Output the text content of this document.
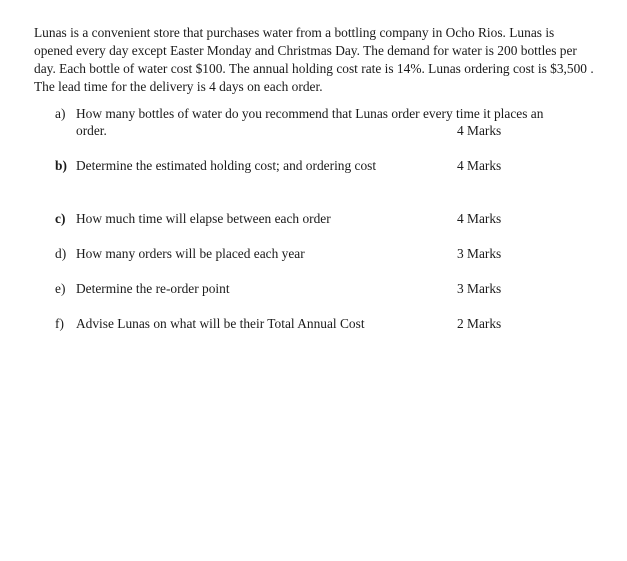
Lunas is a convenient store that purchases water from a bottling company in Ocho Rios. Lunas is opened every day except Easter Monday and Christmas Day. The demand for water is 200 bottles per day. Each bottle of water cost $100. The annual holding cost rate is 14%. Lunas ordering cost is $3,500 . The lead time for the delivery is 4 days on each order.

a) How many bottles of water do you recommend that Lunas order every time it places an order.	4 Marks
b) Determine the estimated holding cost; and ordering cost	4 Marks
c) How much time will elapse between each order	4 Marks
d) How many orders will be placed each year	3 Marks
e) Determine the re-order point	3 Marks
f) Advise Lunas on what will be their Total Annual Cost	2 Marks
